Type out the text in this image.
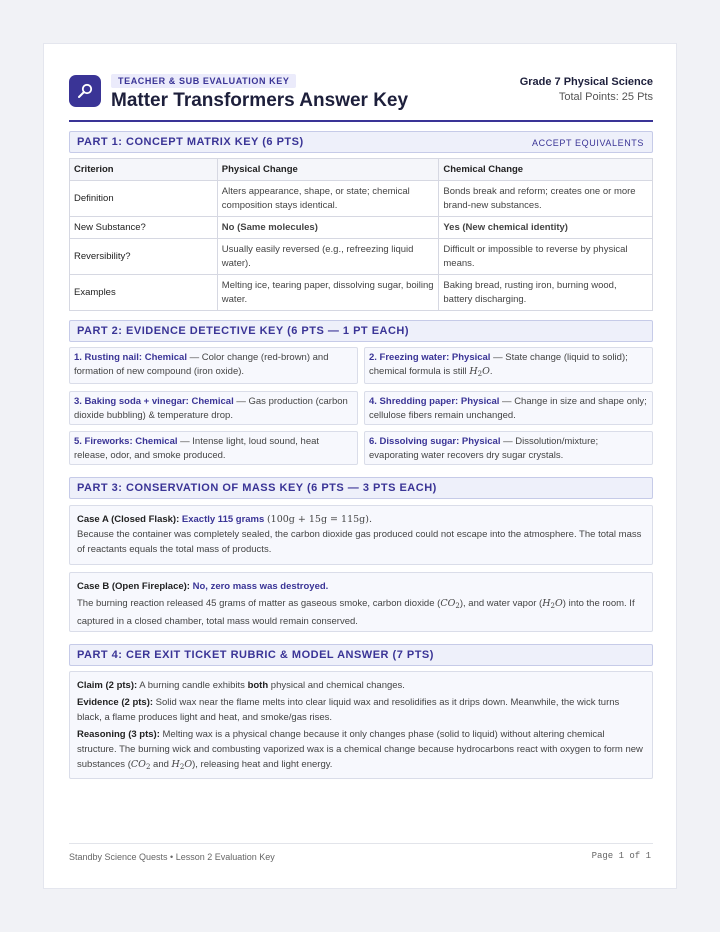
TEACHER & SUB EVALUATION KEY
Matter Transformers Answer Key
Grade 7 Physical Science
Total Points: 25 Pts
PART 1: CONCEPT MATRIX KEY (6 PTS)	ACCEPT EQUIVALENTS
Criterion	Physical Change	Chemical Change
Definition	Alters appearance, shape, or state; chemical composition stays identical.	Bonds break and reform; creates one or more brand-new substances.
New Substance?	No (Same molecules)	Yes (New chemical identity)
Reversibility?	Usually easily reversed (e.g., refreezing liquid water).	Difficult or impossible to reverse by physical means.
Examples	Melting ice, tearing paper, dissolving sugar, boiling water.	Baking bread, rusting iron, burning wood, battery discharging.
PART 2: EVIDENCE DETECTIVE KEY (6 PTS — 1 PT EACH)
1. Rusting nail: Chemical — Color change (red-brown) and formation of new compound (iron oxide).
2. Freezing water: Physical — State change (liquid to solid); chemical formula is still $H_2O$.
3. Baking soda + vinegar: Chemical — Gas production (carbon dioxide bubbling) & temperature drop.
4. Shredding paper: Physical — Change in size and shape only; cellulose fibers remain unchanged.
5. Fireworks: Chemical — Intense light, loud sound, heat release, odor, and smoke produced.
6. Dissolving sugar: Physical — Dissolution/mixture; evaporating water recovers dry sugar crystals.
PART 3: CONSERVATION OF MASS KEY (6 PTS — 3 PTS EACH)

Case A (Closed Flask): Exactly 115 grams (100g + 15g = 115g).

Because the container was completely sealed, the carbon dioxide gas produced could not escape into the atmosphere. The total mass of reactants equals the total mass of products.

Case B (Open Fireplace): No, zero mass was destroyed.

The burning reaction released 45 grams of matter as gaseous smoke, carbon dioxide $(CO_2)$, and water vapor $(H_2O)$ into the room. If captured in a closed chamber, total mass would remain conserved.

PART 4: CER EXIT TICKET RUBRIC & MODEL ANSWER (7 PTS)

Claim (2 pts): A burning candle exhibits both physical and chemical changes.

Evidence (2 pts): Solid wax near the flame melts into clear liquid wax and resolidifies as it drips down. Meanwhile, the wick turns black, a flame produces light and heat, and smoke/gas rises.

Reasoning (3 pts): Melting wax is a physical change because it only changes phase (solid to liquid) without altering chemical structure. The burning wick and combusting vaporized wax is a chemical change because hydrocarbons react with oxygen to form new substances ($CO_2$ and $H_2O$), releasing heat and light energy.

Standby Science Quests • Lesson 2 Evaluation Key	Page 1 of 1
